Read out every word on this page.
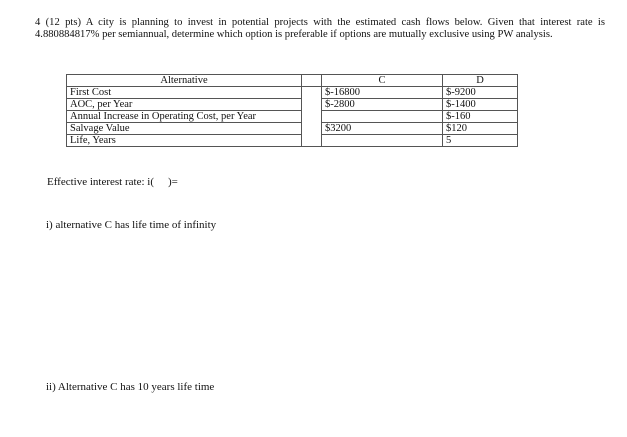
4 (12 pts) A city is planning to invest in potential projects with the estimated cash flows below. Given that interest rate is 4.880884817% per semiannual, determine which option is preferable if options are mutually exclusive using PW analysis.

Alternative		C	D
First Cost		$-16800	$-9200
AOC, per Year		$-2800	$-1400
Annual Increase in Operating Cost, per Year			$-160
Salvage Value		$3200	$120
Life, Years			5
Effective interest rate: i( )=
i) alternative C has life time of infinity
ii) Alternative C has 10 years life time
